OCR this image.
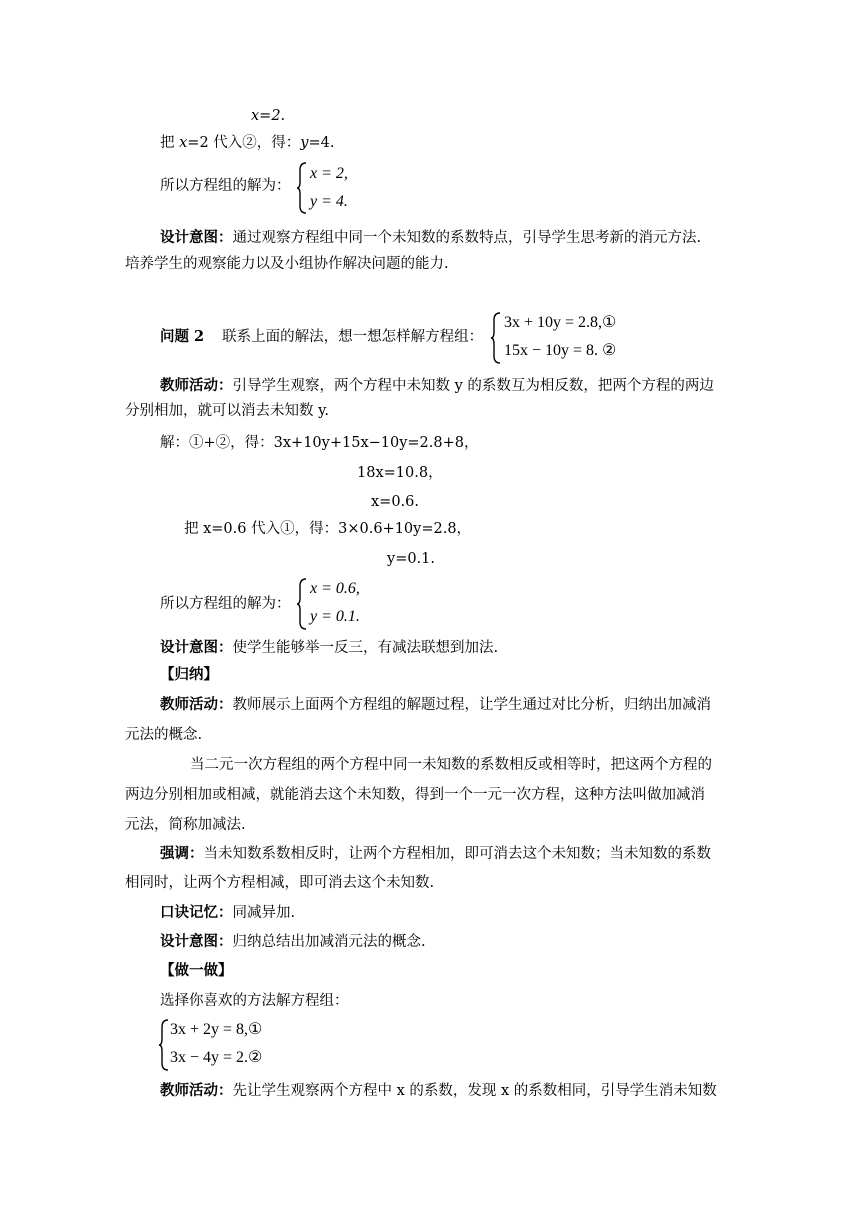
x=2.
把 x=2 代入②，得：y=4.
所以方程组的解为：
x = 2,
y = 4.
设计意图：通过观察方程组中同一个未知数的系数特点，引导学生思考新的消元方法.
培养学生的观察能力以及小组协作解决问题的能力.
问题 2 联系上面的解法，想一想怎样解方程组：
3x + 10y = 2.8,①
15x − 10y = 8. ②
教师活动：引导学生观察，两个方程中未知数 y 的系数互为相反数，把两个方程的两边
分别相加，就可以消去未知数 y.
解：①+②，得：3x+10y+15x−10y=2.8+8，
18x=10.8，
x=0.6.
把 x=0.6 代入①，得：3×0.6+10y=2.8，
y=0.1.
所以方程组的解为：
x = 0.6,
y = 0.1.
设计意图：使学生能够举一反三，有减法联想到加法.
【归纳】
教师活动：教师展示上面两个方程组的解题过程，让学生通过对比分析，归纳出加减消
元法的概念.
当二元一次方程组的两个方程中同一未知数的系数相反或相等时，把这两个方程的
两边分别相加或相减，就能消去这个未知数，得到一个一元一次方程，这种方法叫做加减消
元法，简称加减法.
强调：当未知数系数相反时，让两个方程相加，即可消去这个未知数；当未知数的系数
相同时，让两个方程相减，即可消去这个未知数.
口诀记忆：同减异加.
设计意图：归纳总结出加减消元法的概念.
【做一做】
选择你喜欢的方法解方程组：
3x + 2y = 8,①
3x − 4y = 2.②
教师活动：先让学生观察两个方程中 x 的系数，发现 x 的系数相同，引导学生消未知数
